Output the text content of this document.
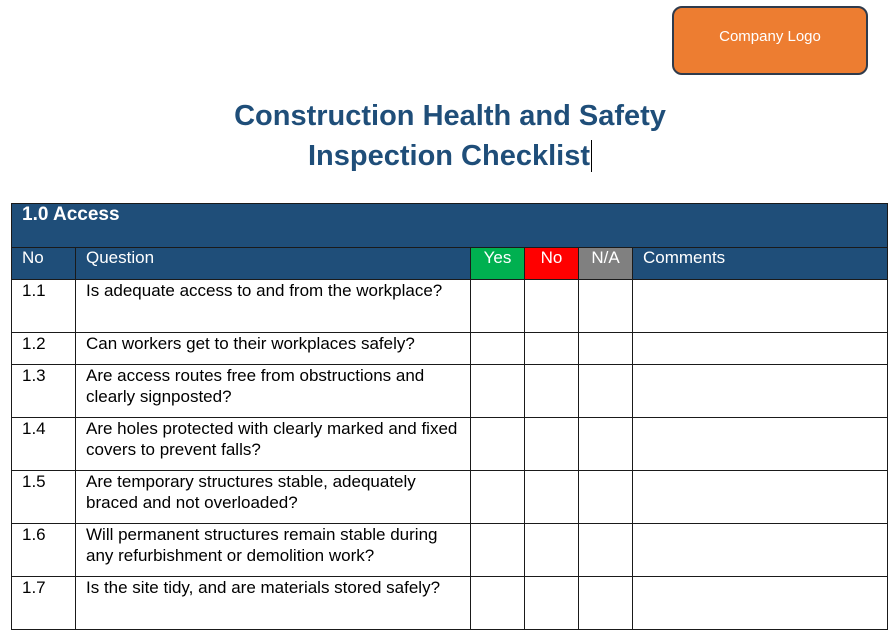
Company Logo
Construction Health and Safety
Inspection Checklist
1.0 Access					
No	Question	Yes	No	N/A	Comments
1.1	Is adequate access to and from the workplace?				
1.2	Can workers get to their workplaces safely?				
1.3	Are access routes free from obstructions and clearly signposted?				
1.4	Are holes protected with clearly marked and fixed covers to prevent falls?				
1.5	Are temporary structures stable, adequately braced and not overloaded?				
1.6	Will permanent structures remain stable during any refurbishment or demolition work?				
1.7	Is the site tidy, and are materials stored safely?				
